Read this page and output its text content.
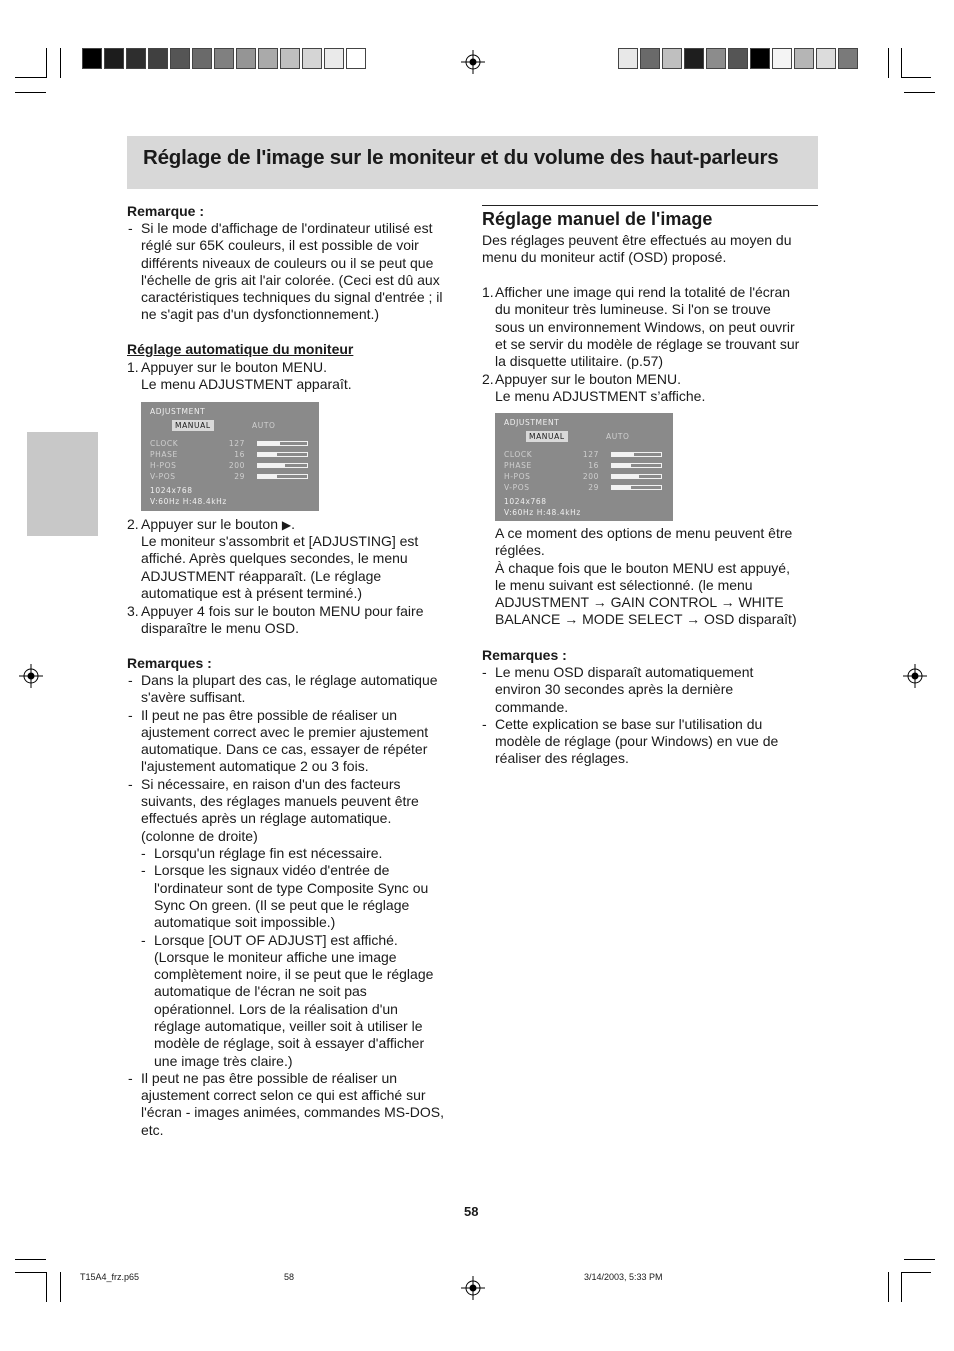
Réglage de l'image sur le moniteur et du volume des haut-parleurs
Remarque :
- Si le mode d'affichage de l'ordinateur utilisé est
réglé sur 65K couleurs, il est possible de voir
différents niveaux de couleurs ou il se peut que
l'échelle de gris ait l'air colorée. (Ceci est dû aux
caractéristiques techniques du signal d'entrée ; il
ne s'agit pas d'un dysfonctionnement.)
Réglage automatique du moniteur
1. Appuyer sur le bouton MENU.
Le menu ADJUSTMENT apparaît.
ADJUSTMENT
MANUAL	AUTO
CLOCK	127
PHASE	16
H-POS	200
V-POS	29
1024x768
V:60Hz H:48.4kHz
2. Appuyer sur le bouton ▶.
Le moniteur s'assombrit et [ADJUSTING] est
affiché. Après quelques secondes, le menu
ADJUSTMENT réapparaît. (Le réglage
automatique est à présent terminé.)
3. Appuyer 4 fois sur le bouton MENU pour faire
disparaître le menu OSD.
Remarques :
- Dans la plupart des cas, le réglage automatique
s'avère suffisant.
- Il peut ne pas être possible de réaliser un
ajustement correct avec le premier ajustement
automatique. Dans ce cas, essayer de répéter
l'ajustement automatique 2 ou 3 fois.
- Si nécessaire, en raison d'un des facteurs
suivants, des réglages manuels peuvent être
effectués après un réglage automatique.
(colonne de droite)
- Lorsqu'un réglage fin est nécessaire.
- Lorsque les signaux vidéo d'entrée de
l'ordinateur sont de type Composite Sync ou
Sync On green. (Il se peut que le réglage
automatique soit impossible.)
- Lorsque [OUT OF ADJUST] est affiché.
(Lorsque le moniteur affiche une image
complètement noire, il se peut que le réglage
automatique de l'écran ne soit pas
opérationnel. Lors de la réalisation d'un
réglage automatique, veiller soit à utiliser le
modèle de réglage, soit à essayer d'afficher
une image très claire.)
- Il peut ne pas être possible de réaliser un
ajustement correct selon ce qui est affiché sur
l'écran - images animées, commandes MS-DOS,
etc.
Réglage manuel de l'image
Des réglages peuvent être effectués au moyen du
menu du moniteur actif (OSD) proposé.
1. Afficher une image qui rend la totalité de l'écran
du moniteur très lumineuse. Si l'on se trouve
sous un environnement Windows, on peut ouvrir
et se servir du modèle de réglage se trouvant sur
la disquette utilitaire. (p.57)
2. Appuyer sur le bouton MENU.
Le menu ADJUSTMENT s’affiche.
ADJUSTMENT
MANUAL	AUTO
CLOCK	127
PHASE	16
H-POS	200
V-POS	29
1024x768
V:60Hz H:48.4kHz
A ce moment des options de menu peuvent être
réglées.
À chaque fois que le bouton MENU est appuyé,
le menu suivant est sélectionné. (le menu
ADJUSTMENT → GAIN CONTROL → WHITE
BALANCE → MODE SELECT → OSD disparaît)
Remarques :
- Le menu OSD disparaît automatiquement
environ 30 secondes après la dernière
commande.
- Cette explication se base sur l'utilisation du
modèle de réglage (pour Windows) en vue de
réaliser des réglages.
58
T15A4_frz.p65	58	3/14/2003, 5:33 PM
